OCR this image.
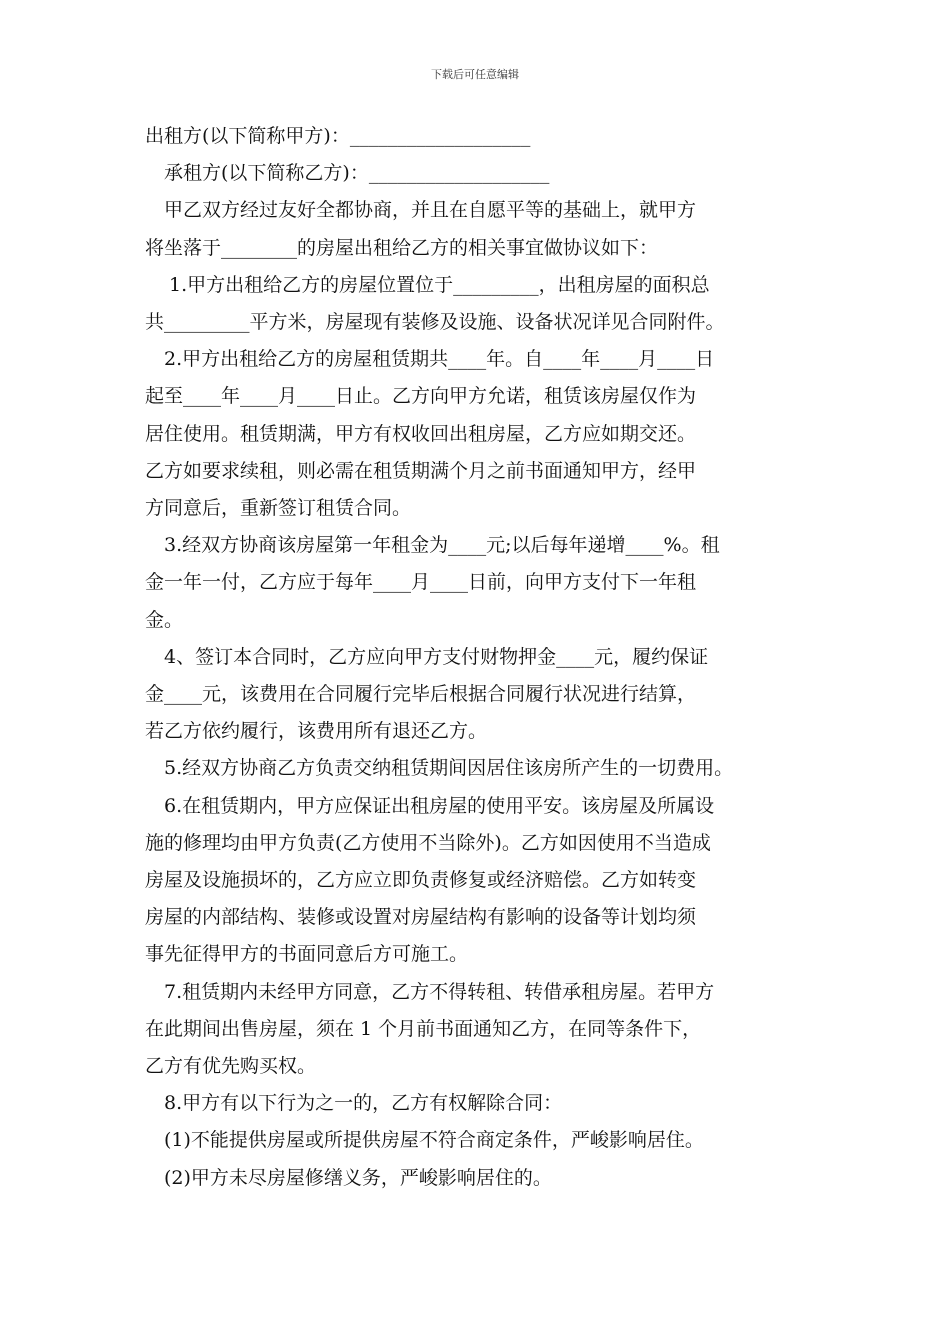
下载后可任意编辑
出租方(以下简称甲方)：___________________
承租方(以下简称乙方)：___________________
甲乙双方经过友好全都协商，并且在自愿平等的基础上，就甲方
将坐落于________的房屋出租给乙方的相关事宜做协议如下：
1.甲方出租给乙方的房屋位置位于_________，出租房屋的面积总
共_________平方米，房屋现有装修及设施、设备状况详见合同附件。
2.甲方出租给乙方的房屋租赁期共____年。自____年____月____日
起至____年____月____日止。乙方向甲方允诺，租赁该房屋仅作为
居住使用。租赁期满，甲方有权收回出租房屋，乙方应如期交还。
乙方如要求续租，则必需在租赁期满个月之前书面通知甲方，经甲
方同意后，重新签订租赁合同。
3.经双方协商该房屋第一年租金为____元;以后每年递增____%。租
金一年一付，乙方应于每年____月____日前，向甲方支付下一年租
金。
4、签订本合同时，乙方应向甲方支付财物押金____元，履约保证
金____元，该费用在合同履行完毕后根据合同履行状况进行结算，
若乙方依约履行，该费用所有退还乙方。
5.经双方协商乙方负责交纳租赁期间因居住该房所产生的一切费用。
6.在租赁期内，甲方应保证出租房屋的使用平安。该房屋及所属设
施的修理均由甲方负责(乙方使用不当除外)。乙方如因使用不当造成
房屋及设施损坏的，乙方应立即负责修复或经济赔偿。乙方如转变
房屋的内部结构、装修或设置对房屋结构有影响的设备等计划均须
事先征得甲方的书面同意后方可施工。
7.租赁期内未经甲方同意，乙方不得转租、转借承租房屋。若甲方
在此期间出售房屋，须在 1 个月前书面通知乙方，在同等条件下，
乙方有优先购买权。
8.甲方有以下行为之一的，乙方有权解除合同：
(1)不能提供房屋或所提供房屋不符合商定条件，严峻影响居住。
(2)甲方未尽房屋修缮义务，严峻影响居住的。
